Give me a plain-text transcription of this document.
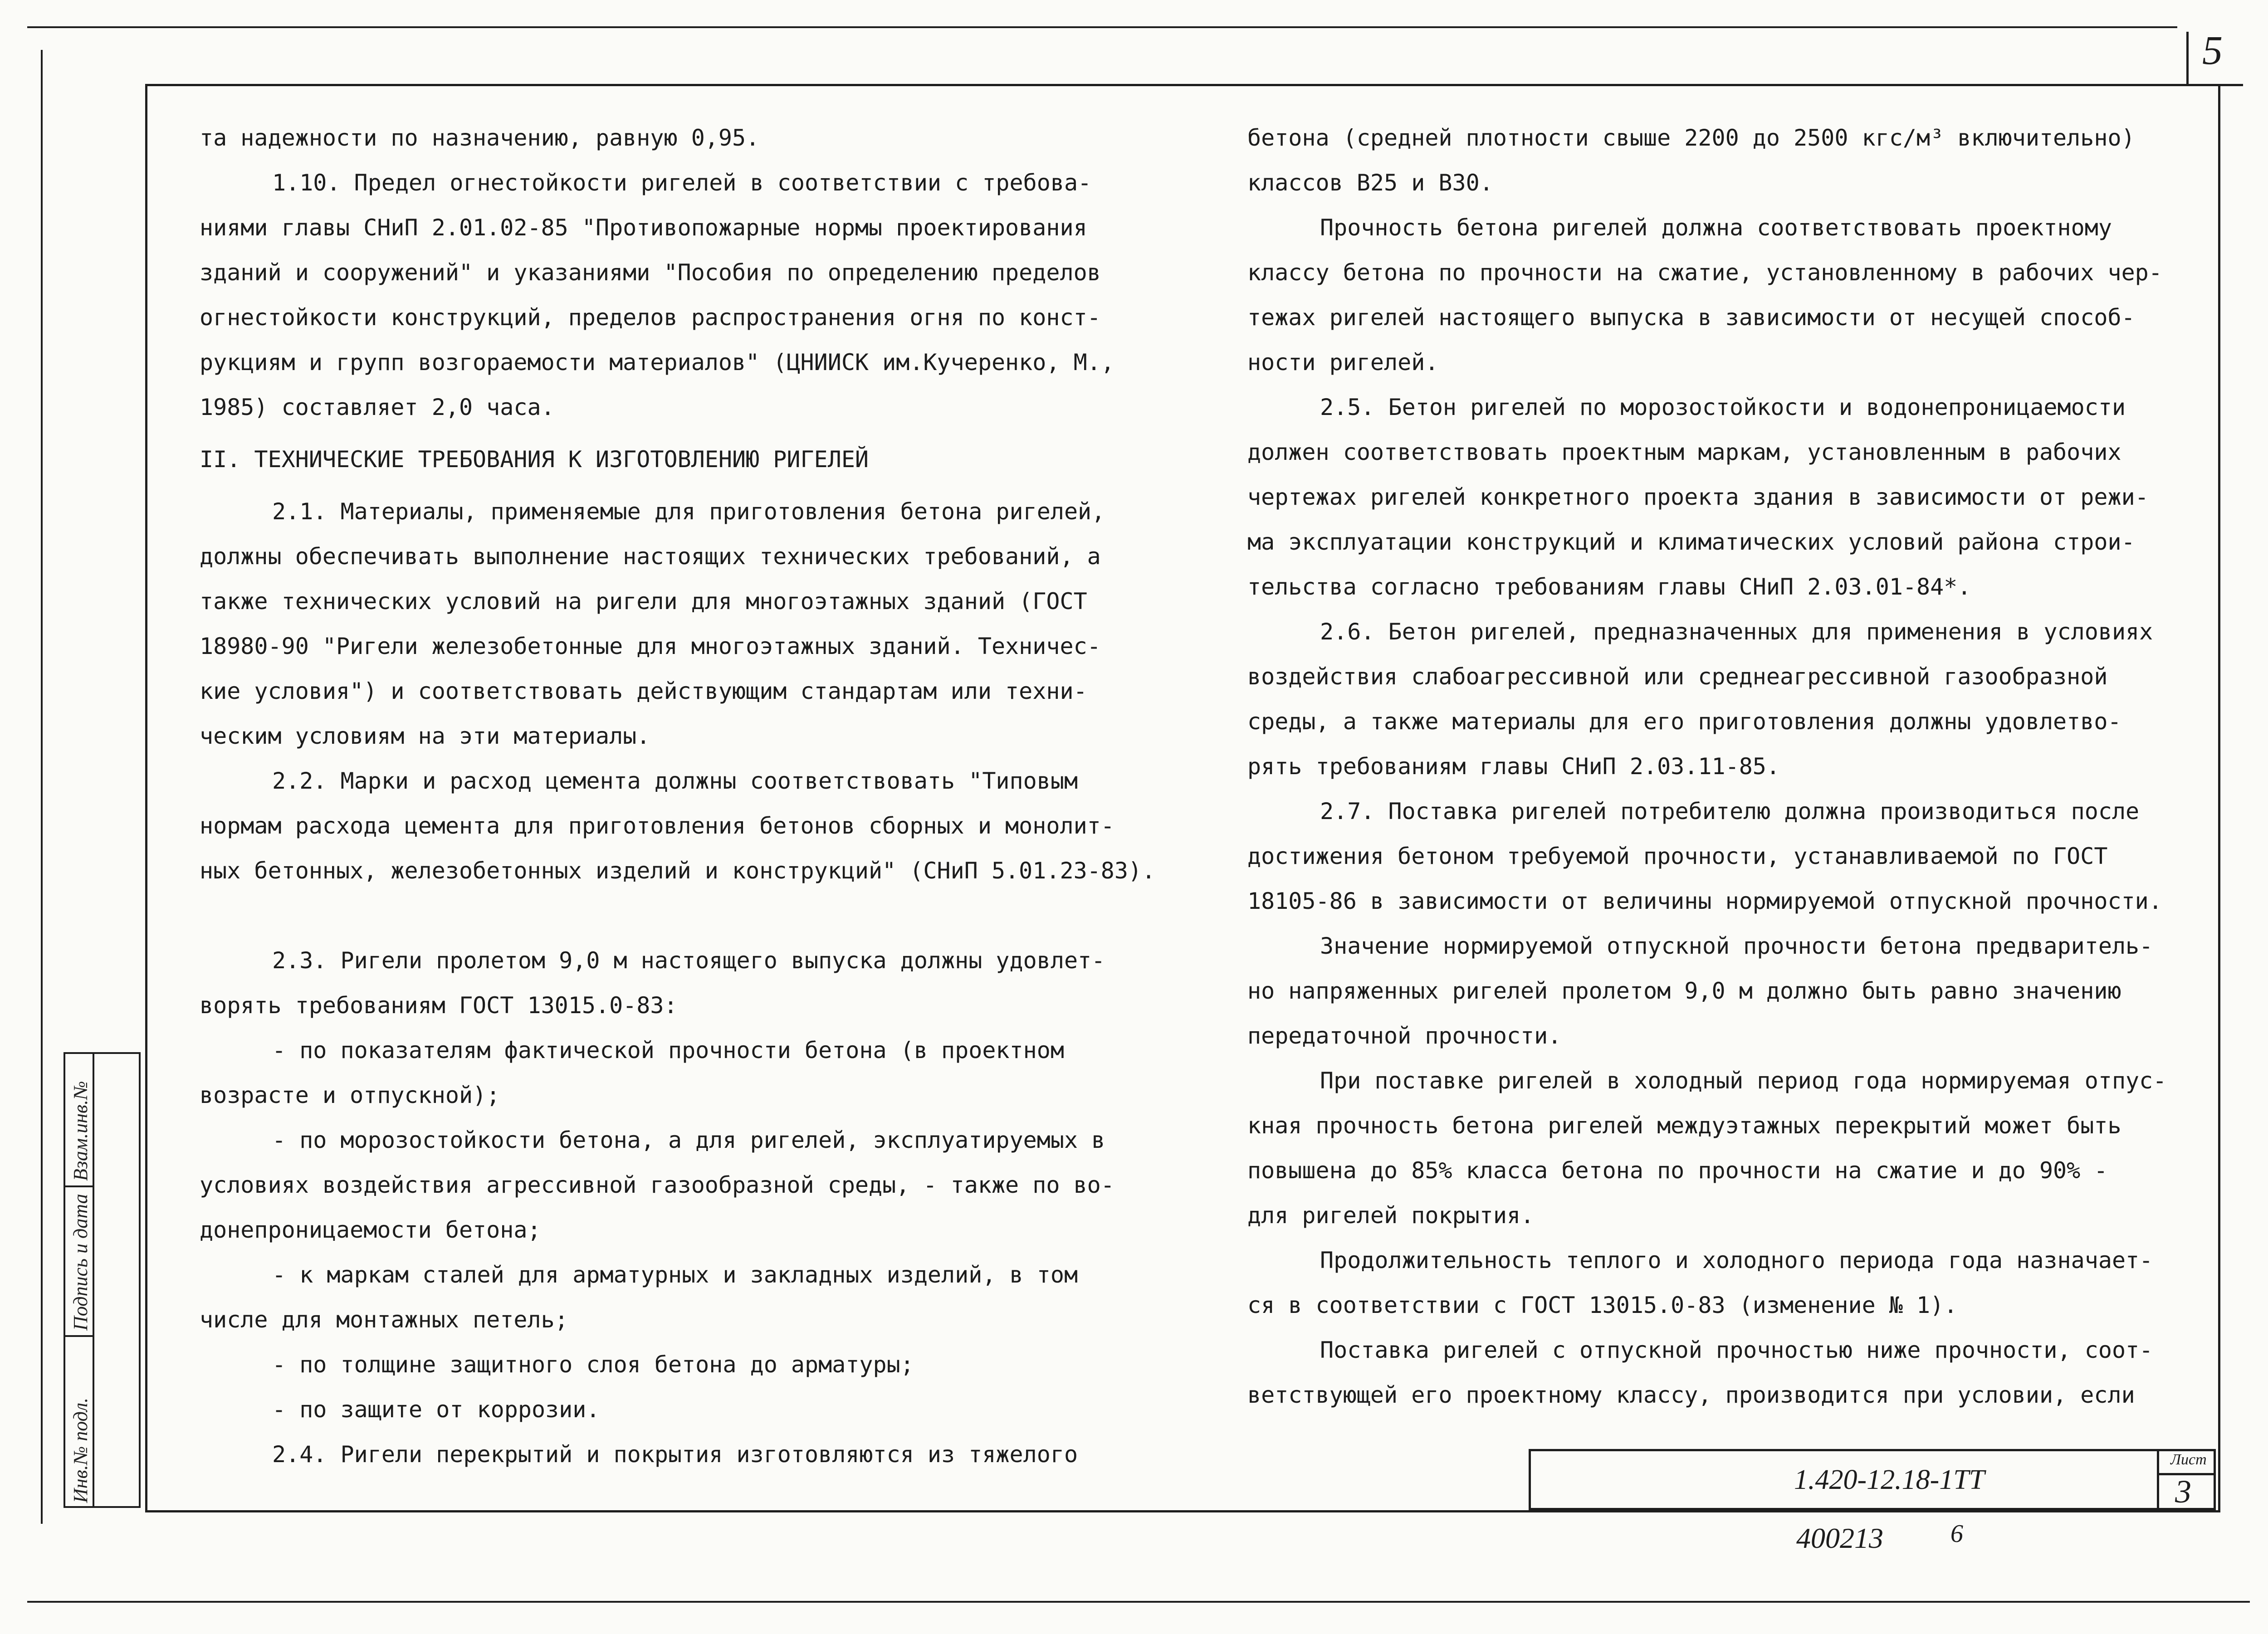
5

та надежности по назначению, равную 0,95.

1.10. Предел огнестойкости ригелей в соответствии с требова-

ниями главы СНиП 2.01.02-85 "Противопожарные нормы проектирования

зданий и сооружений" и указаниями "Пособия по определению пределов

огнестойкости конструкций, пределов распространения огня по конст-

рукциям и групп возгораемости материалов" (ЦНИИСК им.Кучеренко, М.,

1985) составляет 2,0 часа.

II. ТЕХНИЧЕСКИЕ ТРЕБОВАНИЯ К ИЗГОТОВЛЕНИЮ РИГЕЛЕЙ

2.1. Материалы, применяемые для приготовления бетона ригелей,

должны обеспечивать выполнение настоящих технических требований, а

также технических условий на ригели для многоэтажных зданий (ГОСТ

18980-90 "Ригели железобетонные для многоэтажных зданий. Техничес-

кие условия") и соответствовать действующим стандартам или техни-

ческим условиям на эти материалы.

2.2. Марки и расход цемента должны соответствовать "Типовым

нормам расхода цемента для приготовления бетонов сборных и монолит-

ных бетонных, железобетонных изделий и конструкций" (СНиП 5.01.23-83).

2.3. Ригели пролетом 9,0 м настоящего выпуска должны удовлет-

ворять требованиям ГОСТ 13015.0-83:

- по показателям фактической прочности бетона (в проектном

возрасте и отпускной);

- по морозостойкости бетона, а для ригелей, эксплуатируемых в

условиях воздействия агрессивной газообразной среды, - также по во-

донепроницаемости бетона;

- к маркам сталей для арматурных и закладных изделий, в том

числе для монтажных петель;

- по толщине защитного слоя бетона до арматуры;

- по защите от коррозии.

2.4. Ригели перекрытий и покрытия изготовляются из тяжелого

бетона (средней плотности свыше 2200 до 2500 кгс/м³ включительно)

классов В25 и В30.

Прочность бетона ригелей должна соответствовать проектному

классу бетона по прочности на сжатие, установленному в рабочих чер-

тежах ригелей настоящего выпуска в зависимости от несущей способ-

ности ригелей.

2.5. Бетон ригелей по морозостойкости и водонепроницаемости

должен соответствовать проектным маркам, установленным в рабочих

чертежах ригелей конкретного проекта здания в зависимости от режи-

ма эксплуатации конструкций и климатических условий района строи-

тельства согласно требованиям главы СНиП 2.03.01-84*.

2.6. Бетон ригелей, предназначенных для применения в условиях

воздействия слабоагрессивной или среднеагрессивной газообразной

среды, а также материалы для его приготовления должны удовлетво-

рять требованиям главы СНиП 2.03.11-85.

2.7. Поставка ригелей потребителю должна производиться после

достижения бетоном требуемой прочности, устанавливаемой по ГОСТ

18105-86 в зависимости от величины нормируемой отпускной прочности.

Значение нормируемой отпускной прочности бетона предваритель-

но напряженных ригелей пролетом 9,0 м должно быть равно значению

передаточной прочности.

При поставке ригелей в холодный период года нормируемая отпус-

кная прочность бетона ригелей междуэтажных перекрытий может быть

повышена до 85% класса бетона по прочности на сжатие и до 90% -

для ригелей покрытия.

Продолжительность теплого и холодного периода года назначает-

ся в соответствии с ГОСТ 13015.0-83 (изменение № 1).

Поставка ригелей с отпускной прочностью ниже прочности, соот-

ветствующей его проектному классу, производится при условии, если

1.420-12.18-1ТТ
Лист
3
400213	6
Инв.№ подл.
Подпись и дата
Взам.инв.№
